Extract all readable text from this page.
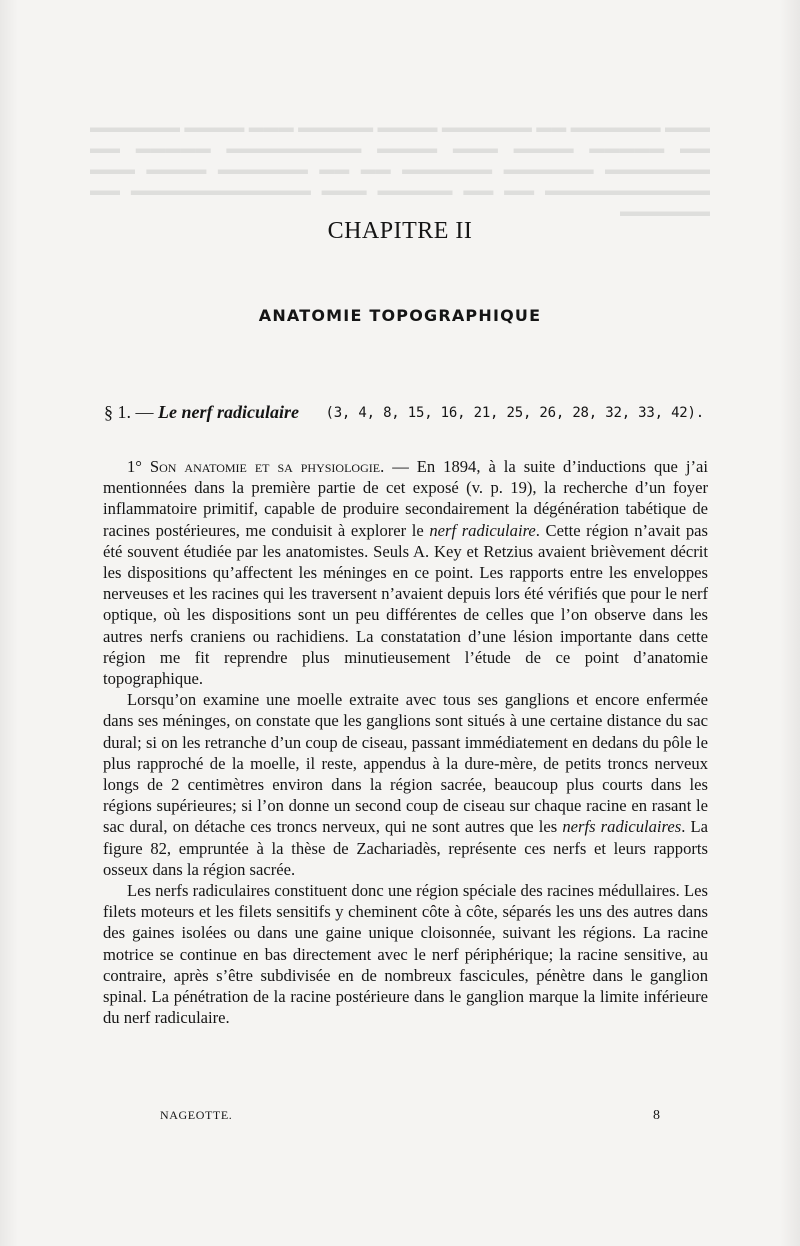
▬▬▬ ▬▬▬▬▬▬ ▬▬ ▬▬▬▬▬▬ ▬▬▬▬ ▬▬▬▬▬ ▬▬▬ ▬▬▬▬ ▬▬▬▬▬▬ ▬▬ ▬▬▬▬▬ ▬▬▬▬ ▬▬▬ ▬▬▬▬ ▬▬▬▬▬▬▬▬▬ ▬▬▬▬▬ ▬▬ ▬▬▬▬▬▬▬ ▬▬▬▬▬▬ ▬▬▬▬▬▬ ▬▬ ▬▬ ▬▬▬▬▬▬ ▬▬▬▬ ▬▬▬ ▬▬▬▬▬▬▬▬▬▬▬ ▬▬ ▬▬ ▬▬▬▬▬ ▬▬▬ ▬▬▬▬▬▬▬▬▬▬▬▬ ▬▬ ▬▬▬▬▬▬
CHAPITRE II
ANATOMIE TOPOGRAPHIQUE
§ 1. — Le nerf radiculaire (3, 4, 8, 15, 16, 21, 25, 26, 28, 32, 33, 42).

1° Son anatomie et sa physiologie. — En 1894, à la suite d’inductions que j’ai mentionnées dans la première partie de cet exposé (v. p. 19), la recherche d’un foyer inflammatoire primitif, capable de produire secondairement la dégénération tabétique de racines postérieures, me conduisit à explorer le nerf radiculaire. Cette région n’avait pas été souvent étudiée par les anatomistes. Seuls A. Key et Retzius avaient brièvement décrit les dispositions qu’affectent les méninges en ce point. Les rapports entre les enveloppes nerveuses et les racines qui les traversent n’avaient depuis lors été vérifiés que pour le nerf optique, où les dispositions sont un peu différentes de celles que l’on observe dans les autres nerfs craniens ou rachidiens. La constatation d’une lésion importante dans cette région me fit reprendre plus minutieusement l’étude de ce point d’anatomie topographique.

Lorsqu’on examine une moelle extraite avec tous ses ganglions et encore enfermée dans ses méninges, on constate que les ganglions sont situés à une certaine distance du sac dural; si on les retranche d’un coup de ciseau, passant immédiatement en dedans du pôle le plus rapproché de la moelle, il reste, appendus à la dure-mère, de petits troncs nerveux longs de 2 centimètres environ dans la région sacrée, beaucoup plus courts dans les régions supérieures; si l’on donne un second coup de ciseau sur chaque racine en rasant le sac dural, on détache ces troncs nerveux, qui ne sont autres que les nerfs radiculaires. La figure 82, empruntée à la thèse de Zachariadès, représente ces nerfs et leurs rapports osseux dans la région sacrée.

Les nerfs radiculaires constituent donc une région spéciale des racines médullaires. Les filets moteurs et les filets sensitifs y cheminent côte à côte, séparés les uns des autres dans des gaines isolées ou dans une gaine unique cloisonnée, suivant les régions. La racine motrice se continue en bas directement avec le nerf périphérique; la racine sensitive, au contraire, après s’être subdivisée en de nombreux fascicules, pénètre dans le ganglion spinal. La pénétration de la racine postérieure dans le ganglion marque la limite inférieure du nerf radiculaire.

NAGEOTTE.	8
